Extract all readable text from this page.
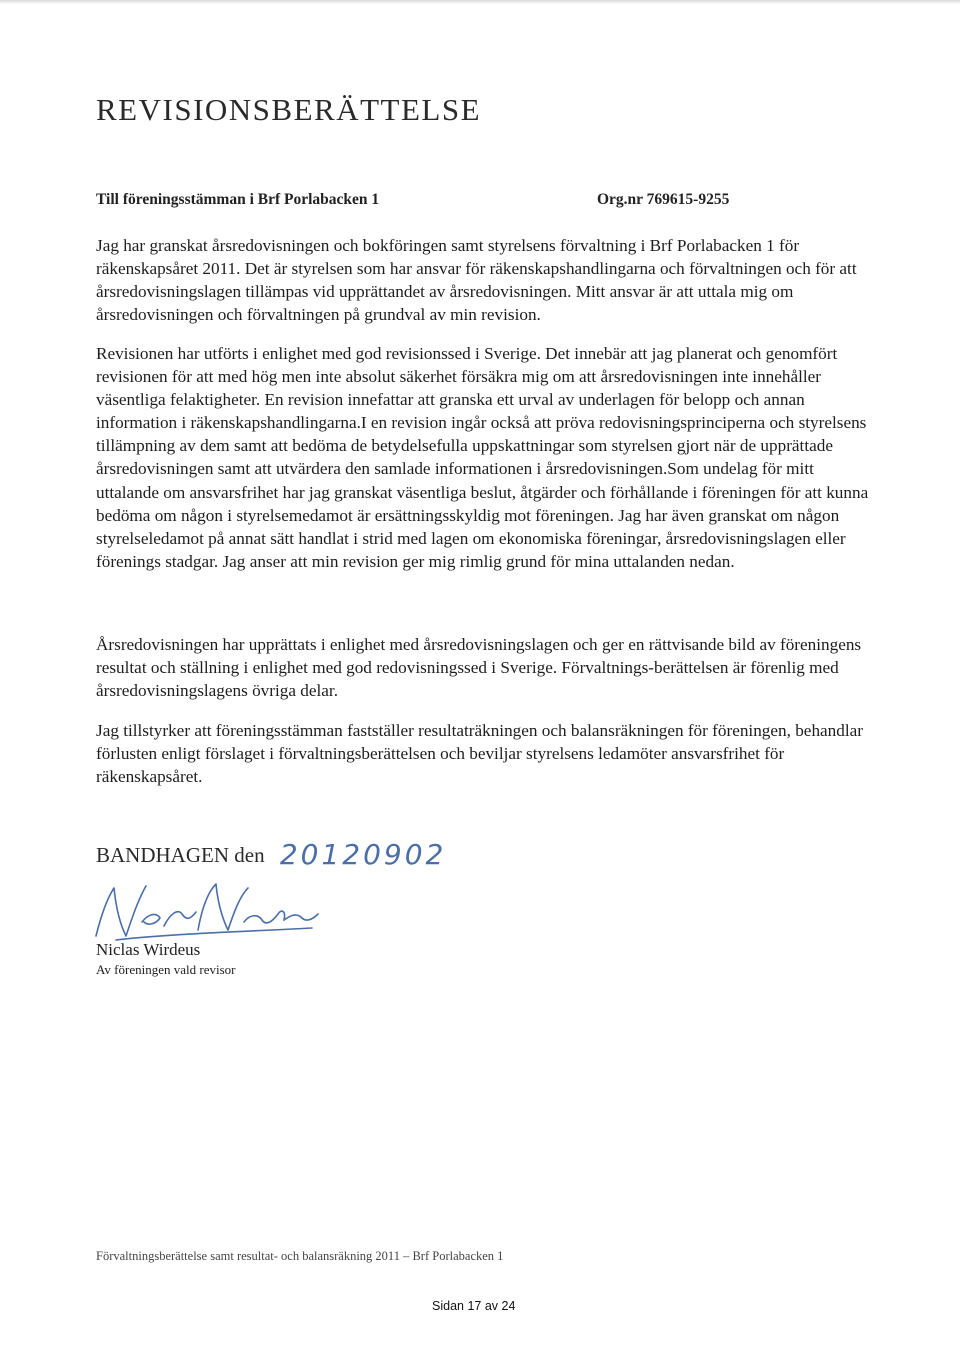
REVISIONSBERÄTTELSE
Till föreningsstämman i Brf Porlabacken 1	Org.nr 769615-9255

Jag har granskat årsredovisningen och bokföringen samt styrelsens förvaltning i Brf Porlabacken 1 för räkenskapsåret 2011. Det är styrelsen som har ansvar för räkenskapshandlingarna och förvaltningen och för att årsredovisningslagen tillämpas vid upprättandet av årsredovisningen. Mitt ansvar är att uttala mig om årsredovisningen och förvaltningen på grundval av min revision.

Revisionen har utförts i enlighet med god revisionssed i Sverige. Det innebär att jag planerat och genomfört revisionen för att med hög men inte absolut säkerhet försäkra mig om att årsredovisningen inte innehåller väsentliga felaktigheter. En revision innefattar att granska ett urval av underlagen för belopp och annan information i räkenskapshandlingarna.I en revision ingår också att pröva redovisningsprinciperna och styrelsens tillämpning av dem samt att bedöma de betydelsefulla uppskattningar som styrelsen gjort när de upprättade årsredovisningen samt att utvärdera den samlade informationen i årsredovisningen.Som undelag för mitt uttalande om ansvarsfrihet har jag granskat väsentliga beslut, åtgärder och förhållande i föreningen för att kunna bedöma om någon i styrelsemedamot är ersättningsskyldig mot föreningen. Jag har även granskat om någon styrelseledamot på annat sätt handlat i strid med lagen om ekonomiska föreningar, årsredovisningslagen eller förenings stadgar. Jag anser att min revision ger mig rimlig grund för mina uttalanden nedan.

Årsredovisningen har upprättats i enlighet med årsredovisningslagen och ger en rättvisande bild av föreningens resultat och ställning i enlighet med god redovisningssed i Sverige. Förvaltnings-berättelsen är förenlig med årsredovisningslagens övriga delar.

Jag tillstyrker att föreningsstämman fastställer resultaträkningen och balansräkningen för föreningen, behandlar förlusten enligt förslaget i förvaltningsberättelsen och beviljar styrelsens ledamöter ansvarsfrihet för räkenskapsåret.

BANDHAGEN den 20120902
Niclas Wirdeus
Av föreningen vald revisor
Förvaltningsberättelse samt resultat- och balansräkning 2011 – Brf Porlabacken 1
Sidan 17 av 24
